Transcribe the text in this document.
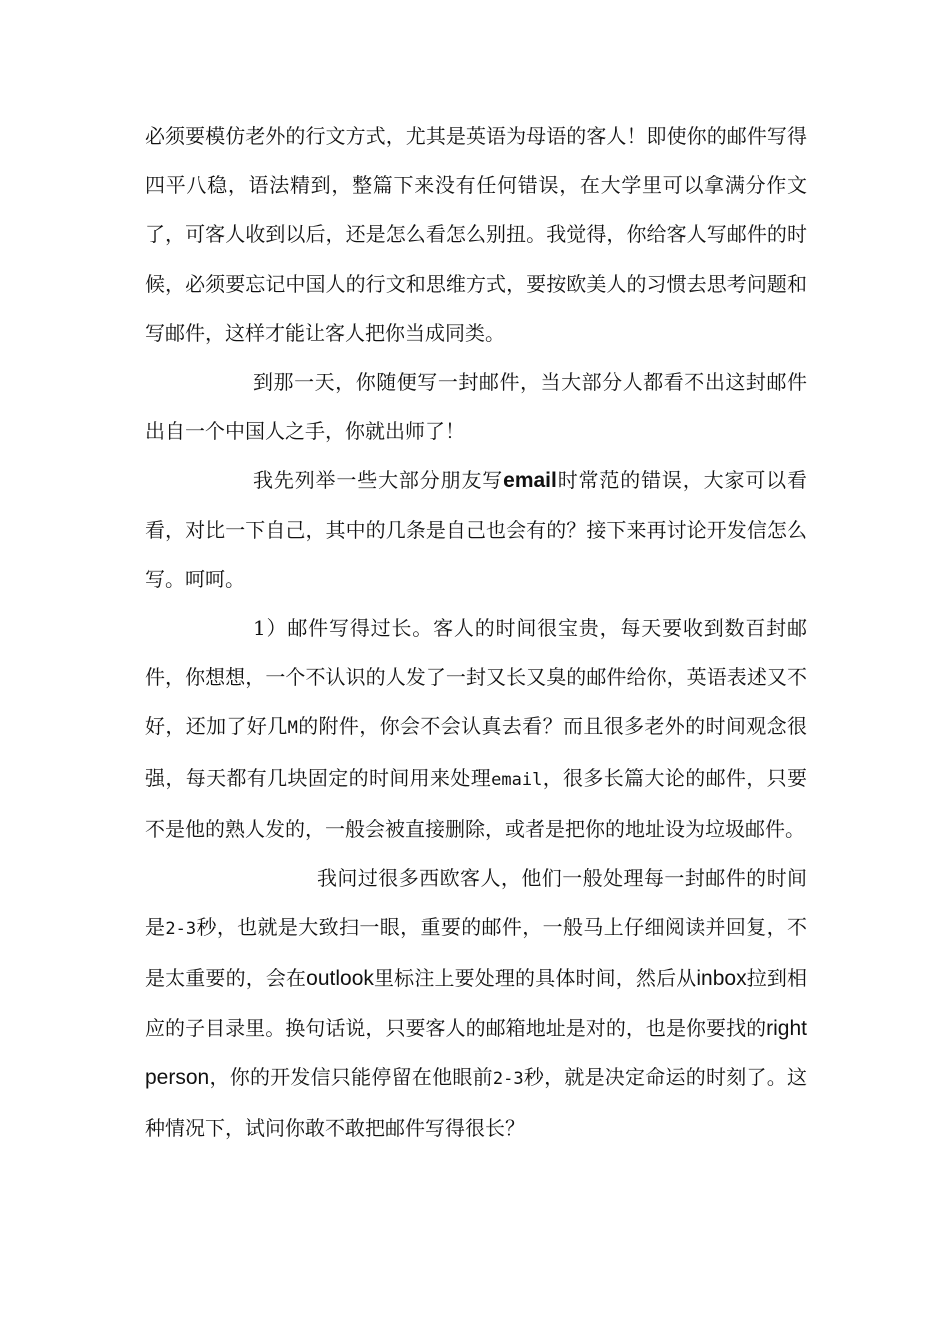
必须要模仿老外的行文方式，尤其是英语为母语的客人！即使你的邮件写得四平八稳，语法精到，整篇下来没有任何错误，在大学里可以拿满分作文了，可客人收到以后，还是怎么看怎么别扭。我觉得，你给客人写邮件的时候，必须要忘记中国人的行文和思维方式，要按欧美人的习惯去思考问题和写邮件，这样才能让客人把你当成同类。

到那一天，你随便写一封邮件，当大部分人都看不出这封邮件出自一个中国人之手，你就出师了！

我先列举一些大部分朋友写email时常范的错误，大家可以看看，对比一下自己，其中的几条是自己也会有的？接下来再讨论开发信怎么写。呵呵。

1）邮件写得过长。客人的时间很宝贵，每天要收到数百封邮件，你想想，一个不认识的人发了一封又长又臭的邮件给你，英语表述又不好，还加了好几M的附件，你会不会认真去看？而且很多老外的时间观念很强，每天都有几块固定的时间用来处理email，很多长篇大论的邮件，只要不是他的熟人发的，一般会被直接删除，或者是把你的地址设为垃圾邮件。

我问过很多西欧客人，他们一般处理每一封邮件的时间是2-3秒，也就是大致扫一眼，重要的邮件，一般马上仔细阅读并回复，不是太重要的，会在outlook里标注上要处理的具体时间，然后从inbox拉到相应的子目录里。换句话说，只要客人的邮箱地址是对的，也是你要找的right person，你的开发信只能停留在他眼前2-3秒，就是决定命运的时刻了。这种情况下，试问你敢不敢把邮件写得很长？
